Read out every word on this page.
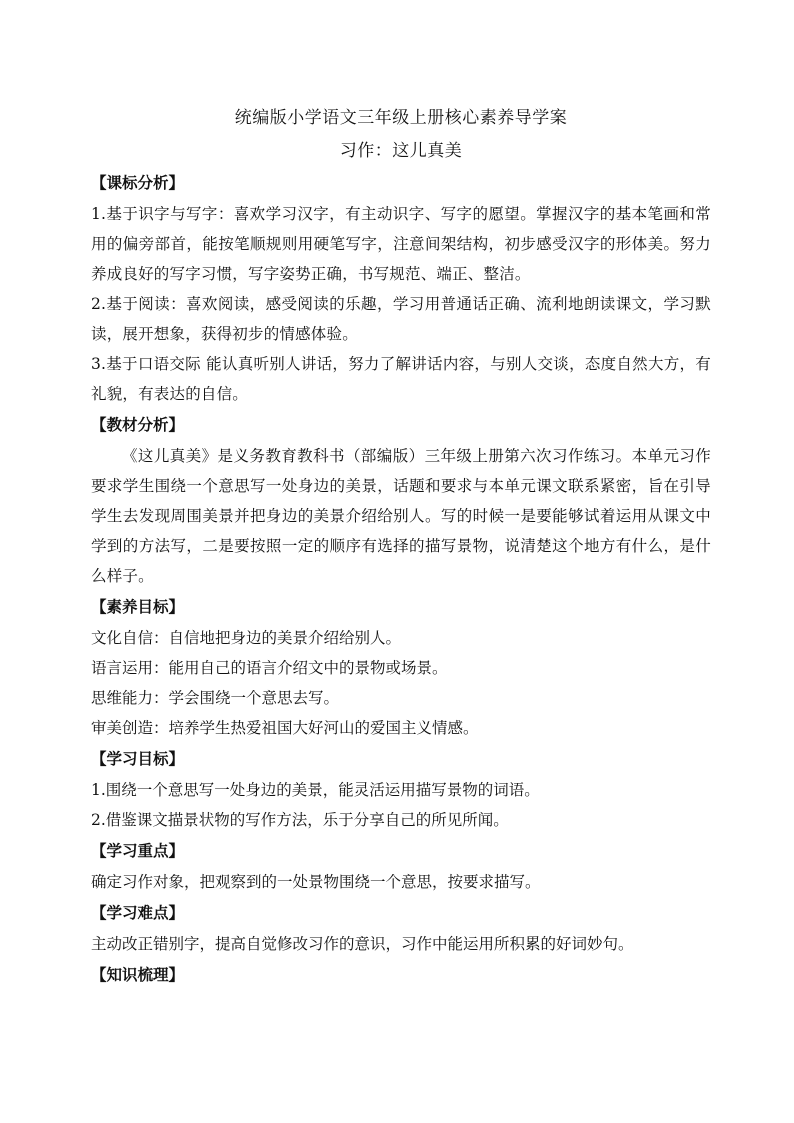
统编版小学语文三年级上册核心素养导学案
习作：这儿真美
【课标分析】

1.基于识字与写字：喜欢学习汉字，有主动识字、写字的愿望。掌握汉字的基本笔画和常用的偏旁部首，能按笔顺规则用硬笔写字，注意间架结构，初步感受汉字的形体美。努力养成良好的写字习惯，写字姿势正确，书写规范、端正、整洁。

2.基于阅读：喜欢阅读，感受阅读的乐趣，学习用普通话正确、流利地朗读课文，学习默读，展开想象，获得初步的情感体验。

3.基于口语交际 能认真听别人讲话，努力了解讲话内容，与别人交谈，态度自然大方，有礼貌，有表达的自信。

【教材分析】

《这儿真美》是义务教育教科书（部编版）三年级上册第六次习作练习。本单元习作要求学生围绕一个意思写一处身边的美景，话题和要求与本单元课文联系紧密，旨在引导学生去发现周围美景并把身边的美景介绍给别人。写的时候一是要能够试着运用从课文中学到的方法写，二是要按照一定的顺序有选择的描写景物，说清楚这个地方有什么，是什么样子。

【素养目标】

文化自信：自信地把身边的美景介绍给别人。

语言运用：能用自己的语言介绍文中的景物或场景。

思维能力：学会围绕一个意思去写。

审美创造：培养学生热爱祖国大好河山的爱国主义情感。

【学习目标】

1.围绕一个意思写一处身边的美景，能灵活运用描写景物的词语。

2.借鉴课文描景状物的写作方法，乐于分享自己的所见所闻。

【学习重点】

确定习作对象，把观察到的一处景物围绕一个意思，按要求描写。

【学习难点】

主动改正错别字，提高自觉修改习作的意识，习作中能运用所积累的好词妙句。

【知识梳理】
